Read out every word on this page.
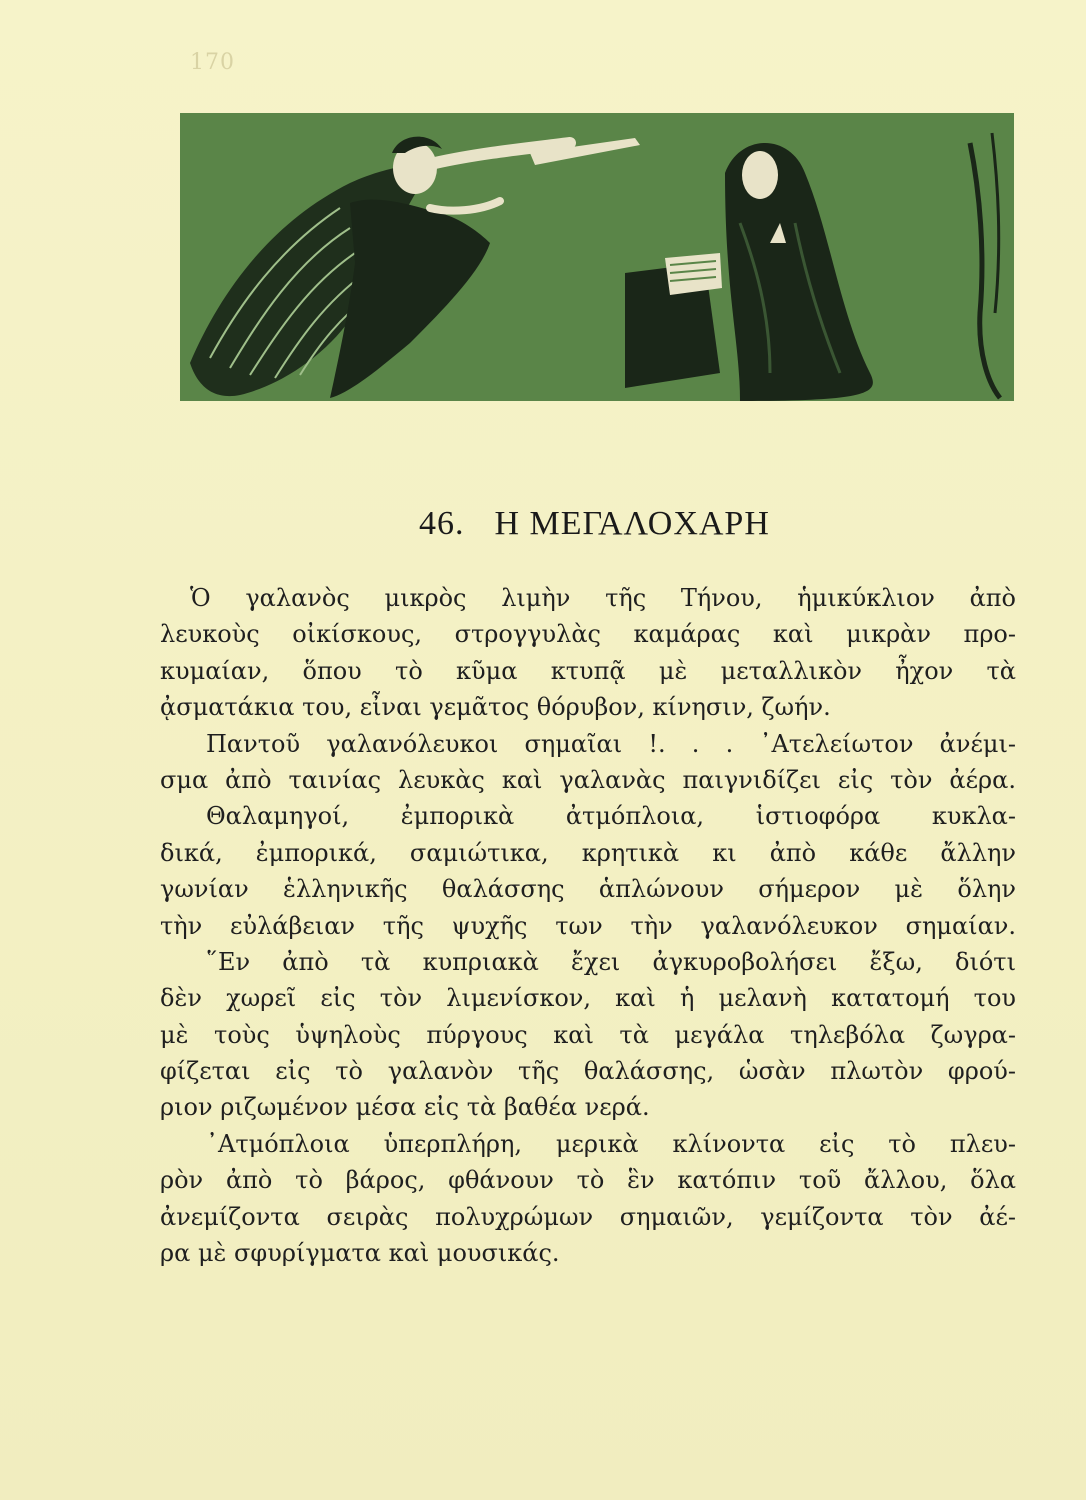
170
46. Η ΜΕΓΑΛΟΧΑΡΗ
Ὁ γαλανὸς μικρὸς λιμὴν τῆς Τήνου, ἡμικύκλιον ἀπὸ
λευκοὺς οἰκίσκους, στρογγυλὰς καμάρας καὶ μικρὰν προ-
κυμαίαν, ὅπου τὸ κῦμα κτυπᾷ μὲ μεταλλικὸν ἦχον τὰ
ᾀσματάκια του, εἶναι γεμᾶτος θόρυβον, κίνησιν, ζωήν.
Παντοῦ γαλανόλευκοι σημαῖαι !. . . ᾿Ατελείωτον ἀνέμι-
σμα ἀπὸ ταινίας λευκὰς καὶ γαλανὰς παιγνιδίζει εἰς τὸν ἀέρα.
Θαλαμηγοί, ἐμπορικὰ ἀτμόπλοια, ἱστιοφόρα κυκλα-
δικά, ἐμπορικά, σαμιώτικα, κρητικὰ κι ἀπὸ κάθε ἄλλην
γωνίαν ἑλληνικῆς θαλάσσης ἁπλώνουν σήμερον μὲ ὅλην
τὴν εὐλάβειαν τῆς ψυχῆς των τὴν γαλανόλευκον σημαίαν.
῞Εν ἀπὸ τὰ κυπριακὰ ἔχει ἀγκυροβολήσει ἔξω, διότι
δὲν χωρεῖ εἰς τὸν λιμενίσκον, καὶ ἡ μελανὴ κατατομή του
μὲ τοὺς ὑψηλοὺς πύργους καὶ τὰ μεγάλα τηλεβόλα ζωγρα-
φίζεται εἰς τὸ γαλανὸν τῆς θαλάσσης, ὡσὰν πλωτὸν φρού-
ριον ριζωμένον μέσα εἰς τὰ βαθέα νερά.
᾿Ατμόπλοια ὑπερπλήρη, μερικὰ κλίνοντα εἰς τὸ πλευ-
ρὸν ἀπὸ τὸ βάρος, φθάνουν τὸ ἓν κατόπιν τοῦ ἄλλου, ὅλα
ἀνεμίζοντα σειρὰς πολυχρώμων σημαιῶν, γεμίζοντα τὸν ἀέ-
ρα μὲ σφυρίγματα καὶ μουσικάς.
